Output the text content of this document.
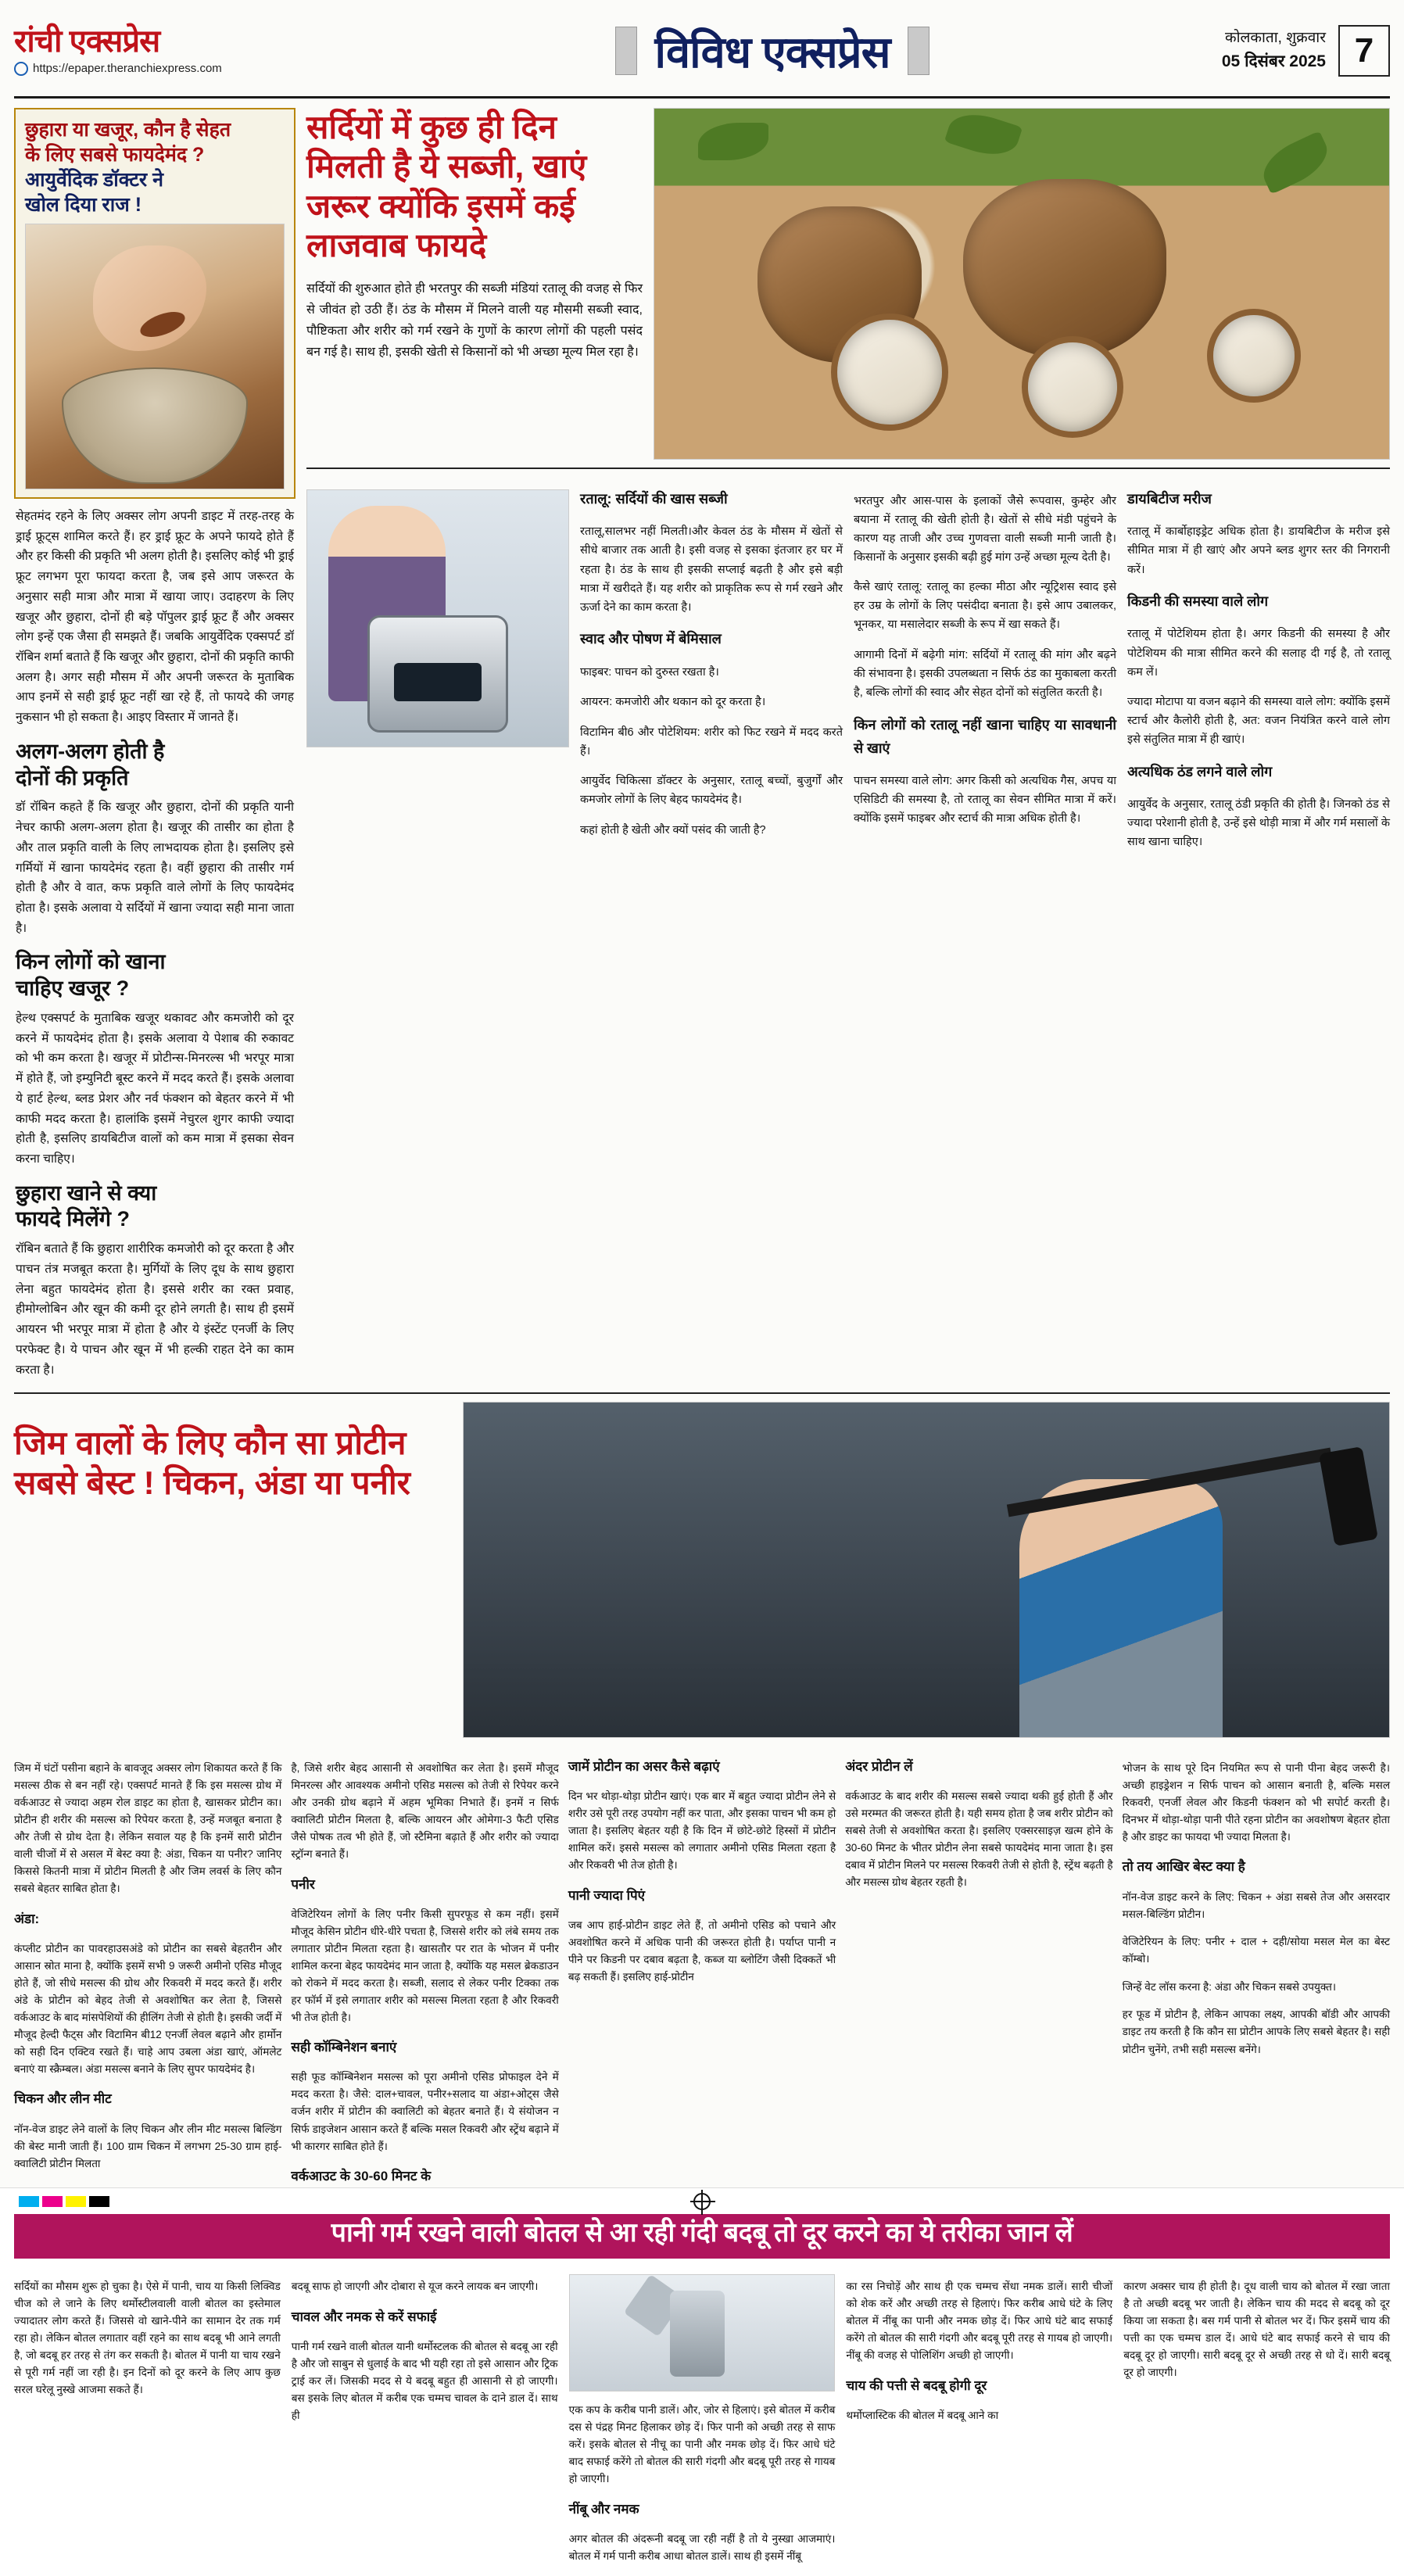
रांची एक्सप्रेस
https://epaper.theranchiexpress.com	विविध एक्सप्रेस	कोलकाता, शुक्रवार
05 दिसंबर 2025 7
छुहारा या खजूर, कौन है सेहत
के लिए सबसे फायदेमंद ?
आयुर्वेदिक डॉक्टर ने
खोल दिया राज !

सेहतमंद रहने के लिए अक्सर लोग अपनी डाइट में तरह-तरह के ड्राई फ्रूट्स शामिल करते हैं। हर ड्राई फ्रूट के अपने फायदे होते हैं और हर किसी की प्रकृति भी अलग होती है। इसलिए कोई भी ड्राई फ्रूट लगभग पूरा फायदा करता है, जब इसे आप जरूरत के अनुसार सही मात्रा और मात्रा में खाया जाए। उदाहरण के लिए खजूर और छुहारा, दोनों ही बड़े पॉपुलर ड्राई फ्रूट हैं और अक्सर लोग इन्हें एक जैसा ही समझते हैं। जबकि आयुर्वेदिक एक्सपर्ट डॉ रॉबिन शर्मा बताते हैं कि खजूर और छुहारा, दोनों की प्रकृति काफी अलग है। अगर सही मौसम में और अपनी जरूरत के मुताबिक आप इनमें से सही ड्राई फ्रूट नहीं खा रहे हैं, तो फायदे की जगह नुकसान भी हो सकता है। आइए विस्तार में जानते हैं।

अलग-अलग होती है
दोनों की प्रकृति

डॉ रॉबिन कहते हैं कि खजूर और छुहारा, दोनों की प्रकृति यानी नेचर काफी अलग-अलग होता है। खजूर की तासीर का होता है और ताल प्रकृति वाली के लिए लाभदायक होता है। इसलिए इसे गर्मियों में खाना फायदेमंद रहता है। वहीं छुहारा की तासीर गर्म होती है और वे वात, कफ प्रकृति वाले लोगों के लिए फायदेमंद होता है। इसके अलावा ये सर्दियों में खाना ज्यादा सही माना जाता है।

किन लोगों को खाना
चाहिए खजूर ?

हेल्थ एक्सपर्ट के मुताबिक खजूर थकावट और कमजोरी को दूर करने में फायदेमंद होता है। इसके अलावा ये पेशाब की रुकावट को भी कम करता है। खजूर में प्रोटीन्स-मिनरल्स भी भरपूर मात्रा में होते हैं, जो इम्युनिटी बूस्ट करने में मदद करते हैं। इसके अलावा ये हार्ट हेल्थ, ब्लड प्रेशर और नर्व फंक्शन को बेहतर करने में भी काफी मदद करता है। हालांकि इसमें नेचुरल शुगर काफी ज्यादा होती है, इसलिए डायबिटीज वालों को कम मात्रा में इसका सेवन करना चाहिए।

छुहारा खाने से क्या
फायदे मिलेंगे ?

रॉबिन बताते हैं कि छुहारा शारीरिक कमजोरी को दूर करता है और पाचन तंत्र मजबूत करता है। मुर्गियों के लिए दूध के साथ छुहारा लेना बहुत फायदेमंद होता है। इससे शरीर का रक्त प्रवाह, हीमोग्लोबिन और खून की कमी दूर होने लगती है। साथ ही इसमें आयरन भी भरपूर मात्रा में होता है और ये इंस्टेंट एनर्जी के लिए परफेक्ट है। ये पाचन और खून में भी हल्की राहत देने का काम करता है।

सर्दियों में कुछ ही दिन मिलती है ये सब्जी, खाएं जरूर क्योंकि इसमें कई लाजवाब फायदे

सर्दियों की शुरुआत होते ही भरतपुर की सब्जी मंडियां रतालू की वजह से फिर से जीवंत हो उठी हैं। ठंड के मौसम में मिलने वाली यह मौसमी सब्जी स्वाद, पौष्टिकता और शरीर को गर्म रखने के गुणों के कारण लोगों की पहली पसंद बन गई है। साथ ही, इसकी खेती से किसानों को भी अच्छा मूल्य मिल रहा है।

रतालू: सर्दियों की खास सब्जी

रतालू,सालभर नहीं मिलती।और केवल ठंड के मौसम में खेतों से सीधे बाजार तक आती है। इसी वजह से इसका इंतजार हर घर में रहता है। ठंड के साथ ही इसकी सप्लाई बढ़ती है और इसे बड़ी मात्रा में खरीदते हैं। यह शरीर को प्राकृतिक रूप से गर्म रखने और ऊर्जा देने का काम करता है।

स्वाद और पोषण में बेमिसाल

फाइबर: पाचन को दुरुस्त रखता है।

आयरन: कमजोरी और थकान को दूर करता है।

विटामिन बी6 और पोटेशियम: शरीर को फिट रखने में मदद करते हैं।

आयुर्वेद चिकित्सा डॉक्टर के अनुसार, रतालू बच्चों, बुजुर्गों और कमजोर लोगों के लिए बेहद फायदेमंद है।

कहां होती है खेती और क्यों पसंद की जाती है?

भरतपुर और आस-पास के इलाकों जैसे रूपवास, कुम्हेर और बयाना में रतालू की खेती होती है। खेतों से सीधे मंडी पहुंचने के कारण यह ताजी और उच्च गुणवत्ता वाली सब्जी मानी जाती है। किसानों के अनुसार इसकी बढ़ी हुई मांग उन्हें अच्छा मूल्य देती है।

कैसे खाएं रतालू: रतालू का हल्का मीठा और न्यूट्रिशस स्वाद इसे हर उम्र के लोगों के लिए पसंदीदा बनाता है। इसे आप उबालकर, भूनकर, या मसालेदार सब्जी के रूप में खा सकते हैं।

आगामी दिनों में बढ़ेगी मांग: सर्दियों में रतालू की मांग और बढ़ने की संभावना है। इसकी उपलब्धता न सिर्फ ठंड का मुकाबला करती है, बल्कि लोगों की स्वाद और सेहत दोनों को संतुलित करती है।

किन लोगों को रतालू नहीं खाना चाहिए या सावधानी से खाएं

पाचन समस्या वाले लोग: अगर किसी को अत्यधिक गैस, अपच या एसिडिटी की समस्या है, तो रतालू का सेवन सीमित मात्रा में करें। क्योंकि इसमें फाइबर और स्टार्च की मात्रा अधिक होती है।

डायबिटीज मरीज

रतालू में कार्बोहाइड्रेट अधिक होता है। डायबिटीज के मरीज इसे सीमित मात्रा में ही खाएं और अपने ब्लड शुगर स्तर की निगरानी करें।

किडनी की समस्या वाले लोग

रतालू में पोटेशियम होता है। अगर किडनी की समस्या है और पोटेशियम की मात्रा सीमित करने की सलाह दी गई है, तो रतालू कम लें।

ज्यादा मोटापा या वजन बढ़ाने की समस्या वाले लोग: क्योंकि इसमें स्टार्च और कैलोरी होती है, अत: वजन नियंत्रित करने वाले लोग इसे संतुलित मात्रा में ही खाएं।

अत्यधिक ठंड लगने वाले लोग

आयुर्वेद के अनुसार, रतालू ठंडी प्रकृति की होती है। जिनको ठंड से ज्यादा परेशानी होती है, उन्हें इसे थोड़ी मात्रा में और गर्म मसालों के साथ खाना चाहिए।

जिम वालों के लिए कौन सा प्रोटीन सबसे बेस्ट ! चिकन, अंडा या पनीर

जिम में घंटों पसीना बहाने के बावजूद अक्सर लोग शिकायत करते हैं कि मसल्स ठीक से बन नहीं रहे। एक्सपर्ट मानते हैं कि इस मसल्स ग्रोथ में वर्कआउट से ज्यादा अहम रोल डाइट का होता है, खासकर प्रोटीन का। प्रोटीन ही शरीर की मसल्स को रिपेयर करता है, उन्हें मजबूत बनाता है और तेजी से ग्रोथ देता है। लेकिन सवाल यह है कि इनमें सारी प्रोटीन वाली चीजों में से असल में बेस्ट क्या है: अंडा, चिकन या पनीर? जानिए किससे कितनी मात्रा में प्रोटीन मिलती है और जिम लवर्स के लिए कौन सबसे बेहतर साबित होता है।

अंडा:

कंप्लीट प्रोटीन का पावरहाउसअंडे को प्रोटीन का सबसे बेहतरीन और आसान स्रोत माना है, क्योंकि इसमें सभी 9 जरूरी अमीनो एसिड मौजूद होते हैं, जो सीधे मसल्स की ग्रोथ और रिकवरी में मदद करते हैं। शरीर अंडे के प्रोटीन को बेहद तेजी से अवशोषित कर लेता है, जिससे वर्कआउट के बाद मांसपेशियों की हीलिंग तेजी से होती है। इसकी जर्दी में मौजूद हेल्दी फैट्स और विटामिन बी12 एनर्जी लेवल बढ़ाने और हार्मोन को सही दिन एक्टिव रखते हैं। चाहे आप उबला अंडा खाएं, ऑमलेट बनाएं या स्क्रैम्बल। अंडा मसल्स बनाने के लिए सुपर फायदेमंद है।

चिकन और लीन मीट

नॉन-वेज डाइट लेने वालों के लिए चिकन और लीन मीट मसल्स बिल्डिंग की बेस्ट मानी जाती हैं। 100 ग्राम चिकन में लगभग 25-30 ग्राम हाई-क्वालिटी प्रोटीन मिलता

है, जिसे शरीर बेहद आसानी से अवशोषित कर लेता है। इसमें मौजूद मिनरल्स और आवश्यक अमीनो एसिड मसल्स को तेजी से रिपेयर करने और उनकी ग्रोथ बढ़ाने में अहम भूमिका निभाते हैं। इनमें न सिर्फ क्वालिटी प्रोटीन मिलता है, बल्कि आयरन और ओमेगा-3 फैटी एसिड जैसे पोषक तत्व भी होते हैं, जो स्टैमिना बढ़ाते हैं और शरीर को ज्यादा स्ट्रॉन्ग बनाते हैं।

पनीर

वेजिटेरियन लोगों के लिए पनीर किसी सुपरफूड से कम नहीं। इसमें मौजूद केसिन प्रोटीन धीरे-धीरे पचता है, जिससे शरीर को लंबे समय तक लगातार प्रोटीन मिलता रहता है। खासतौर पर रात के भोजन में पनीर शामिल करना बेहद फायदेमंद मान जाता है, क्योंकि यह मसल ब्रेकडाउन को रोकने में मदद करता है। सब्जी, सलाद से लेकर पनीर टिक्का तक हर फॉर्म में इसे लगातार शरीर को मसल्स मिलता रहता है और रिकवरी भी तेज होती है।

सही कॉम्बिनेशन बनाएं

सही फूड कॉम्बिनेशन मसल्स को पूरा अमीनो एसिड प्रोफाइल देने में मदद करता है। जैसे: दाल+चावल, पनीर+सलाद या अंडा+ओट्स जैसे वर्जन शरीर में प्रोटीन की क्वालिटी को बेहतर बनाते हैं। ये संयोजन न सिर्फ डाइजेशन आसान करते हैं बल्कि मसल रिकवरी और स्ट्रेंथ बढ़ाने में भी कारगर साबित होते हैं।

वर्कआउट के 30-60 मिनट के
जामें प्रोटीन का असर कैसे बढ़ाएं

दिन भर थोड़ा-थोड़ा प्रोटीन खाएं। एक बार में बहुत ज्यादा प्रोटीन लेने से शरीर उसे पूरी तरह उपयोग नहीं कर पाता, और इसका पाचन भी कम हो जाता है। इसलिए बेहतर यही है कि दिन में छोटे-छोटे हिस्सों में प्रोटीन शामिल करें। इससे मसल्स को लगातार अमीनो एसिड मिलता रहता है और रिकवरी भी तेज होती है।

पानी ज्यादा पिएं

जब आप हाई-प्रोटीन डाइट लेते हैं, तो अमीनो एसिड को पचाने और अवशोषित करने में अधिक पानी की जरूरत होती है। पर्याप्त पानी न पीने पर किडनी पर दबाव बढ़ता है, कब्ज या ब्लोटिंग जैसी दिक्कतें भी बढ़ सकती हैं। इसलिए हाई-प्रोटीन

अंदर प्रोटीन लें

वर्कआउट के बाद शरीर की मसल्स सबसे ज्यादा थकी हुई होती हैं और उसे मरम्मत की जरूरत होती है। यही समय होता है जब शरीर प्रोटीन को सबसे तेजी से अवशोषित करता है। इसलिए एक्सरसाइज़ खत्म होने के 30-60 मिनट के भीतर प्रोटीन लेना सबसे फायदेमंद माना जाता है। इस दबाव में प्रोटीन मिलने पर मसल्स रिकवरी तेजी से होती है, स्ट्रेंथ बढ़ती है और मसल्स ग्रोथ बेहतर रहती है।

भोजन के साथ पूरे दिन नियमित रूप से पानी पीना बेहद जरूरी है। अच्छी हाइड्रेशन न सिर्फ पाचन को आसान बनाती है, बल्कि मसल रिकवरी, एनर्जी लेवल और किडनी फंक्शन को भी सपोर्ट करती है। दिनभर में थोड़ा-थोड़ा पानी पीते रहना प्रोटीन का अवशोषण बेहतर होता है और डाइट का फायदा भी ज्यादा मिलता है।

तो तय आखिर बेस्ट क्या है

नॉन-वेज डाइट करने के लिए: चिकन + अंडा सबसे तेज और असरदार मसल-बिल्डिंग प्रोटीन।

वेजिटेरियन के लिए: पनीर + दाल + दही/सोया मसल मेल का बेस्ट कॉम्बो।

जिन्हें वेट लॉस करना है: अंडा और चिकन सबसे उपयुक्त।

हर फूड में प्रोटीन है, लेकिन आपका लक्ष्य, आपकी बॉडी और आपकी डाइट तय करती है कि कौन सा प्रोटीन आपके लिए सबसे बेहतर है। सही प्रोटीन चुनेंगे, तभी सही मसल्स बनेंगे।

पानी गर्म रखने वाली बोतल से आ रही गंदी बदबू तो दूर करने का ये तरीका जान लें

सर्दियों का मौसम शुरू हो चुका है। ऐसे में पानी, चाय या किसी लिक्विड चीज को ले जाने के लिए थर्मोस्टीलवाली वाली बोतल का इस्तेमाल ज्यादातर लोग करते हैं। जिससे वो खाने-पीने का सामान देर तक गर्म रहा हो। लेकिन बोतल लगातार वहीं रहने का साथ बदबू भी आने लगती है, जो बदबू हर तरह से तंग कर सकती है। बोतल में पानी या चाय रखने से पूरी गर्म नहीं जा रही है। इन दिनों को दूर करने के लिए आप कुछ सरल घरेलू नुस्खे आजमा सकते हैं।

बदबू साफ हो जाएगी और दोबारा से यूज करने लायक बन जाएगी।

चावल और नमक से करें सफाई

पानी गर्म रखने वाली बोतल यानी थर्मोस्टलक की बोतल से बदबू आ रही है और जो साबुन से धुलाई के बाद भी यही रहा तो इसे आसान और ट्रिक ट्राई कर लें। जिसकी मदद से ये बदबू बहुत ही आसानी से हो जाएगी। बस इसके लिए बोतल में करीब एक चम्मच चावल के दाने डाल दें। साथ ही	एक कप के करीब पानी डालें। और, जोर से हिलाएं। इसे बोतल में करीब दस से पंद्रह मिनट हिलाकर छोड़ दें। फिर पानी को अच्छी तरह से साफ करें। इसके बोतल से नीचू का पानी और नमक छोड़ दें। फिर आधे घंटे बाद सफाई करेंगे तो बोतल की सारी गंदगी और बदबू पूरी तरह से गायब हो जाएगी।

नींबू और नमक

अगर बोतल की अंदरूनी बदबू जा रही नहीं है तो ये नुस्खा आजमाएं। बोतल में गर्म पानी करीब आधा बोतल डालें। साथ ही इसमें नींबू

का रस निचोड़ें और साथ ही एक चम्मच सेंधा नमक डालें। सारी चीजों को शेक करें और अच्छी तरह से हिलाएं। फिर करीब आधे घंटे के लिए बोतल में नींबू का पानी और नमक छोड़ दें। फिर आधे घंटे बाद सफाई करेंगे तो बोतल की सारी गंदगी और बदबू पूरी तरह से गायब हो जाएगी। नींबू की वजह से पोलिशिंग अच्छी हो जाएगी।

चाय की पत्ती से बदबू होगी दूर

थर्मोप्लास्टिक की बोतल में बदबू आने का

कारण अक्सर चाय ही होती है। दूध वाली चाय को बोतल में रखा जाता है तो अच्छी बदबू भर जाती है। लेकिन चाय की मदद से बदबू को दूर किया जा सकता है। बस गर्म पानी से बोतल भर दें। फिर इसमें चाय की पत्ती का एक चम्मच डाल दें। आधे घंटे बाद सफाई करने से चाय की बदबू दूर हो जाएगी। सारी बदबू दूर से अच्छी तरह से धो दें। सारी बदबू दूर हो जाएगी।
